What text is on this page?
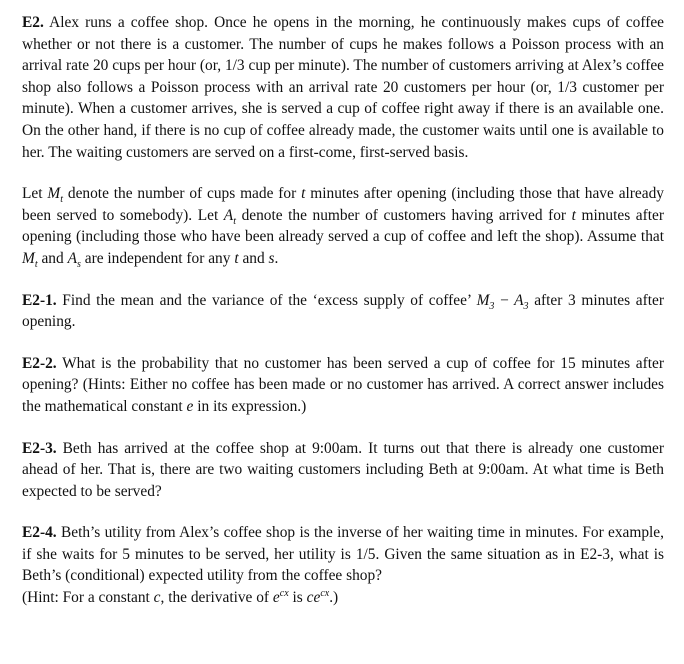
E2. Alex runs a coffee shop. Once he opens in the morning, he continuously makes cups of coffee whether or not there is a customer. The number of cups he makes follows a Poisson process with an arrival rate 20 cups per hour (or, 1/3 cup per minute). The number of customers arriving at Alex’s coffee shop also follows a Poisson process with an arrival rate 20 customers per hour (or, 1/3 customer per minute). When a customer arrives, she is served a cup of coffee right away if there is an available one. On the other hand, if there is no cup of coffee already made, the customer waits until one is available to her. The waiting customers are served on a first-come, first-served basis.

Let $M_t$ denote the number of cups made for t minutes after opening (including those that have already been served to somebody). Let $A_t$ denote the number of customers having arrived for t minutes after opening (including those who have been already served a cup of coffee and left the shop). Assume that $M_t$ and $A_s$ are independent for any t and s.

E2-1. Find the mean and the variance of the ‘excess supply of coffee’ $M_3 - A_3$ after 3 minutes after opening.

E2-2. What is the probability that no customer has been served a cup of coffee for 15 minutes after opening? (Hints: Either no coffee has been made or no customer has arrived. A correct answer includes the mathematical constant e in its expression.)

E2-3. Beth has arrived at the coffee shop at 9:00am. It turns out that there is already one customer ahead of her. That is, there are two waiting customers including Beth at 9:00am. At what time is Beth expected to be served?

E2-4. Beth’s utility from Alex’s coffee shop is the inverse of her waiting time in minutes. For example, if she waits for 5 minutes to be served, her utility is 1/5. Given the same situation as in E2-3, what is Beth’s (conditional) expected utility from the coffee shop?
(Hint: For a constant c, the derivative of $e^{cx}$ is $ce^{cx}$.)
